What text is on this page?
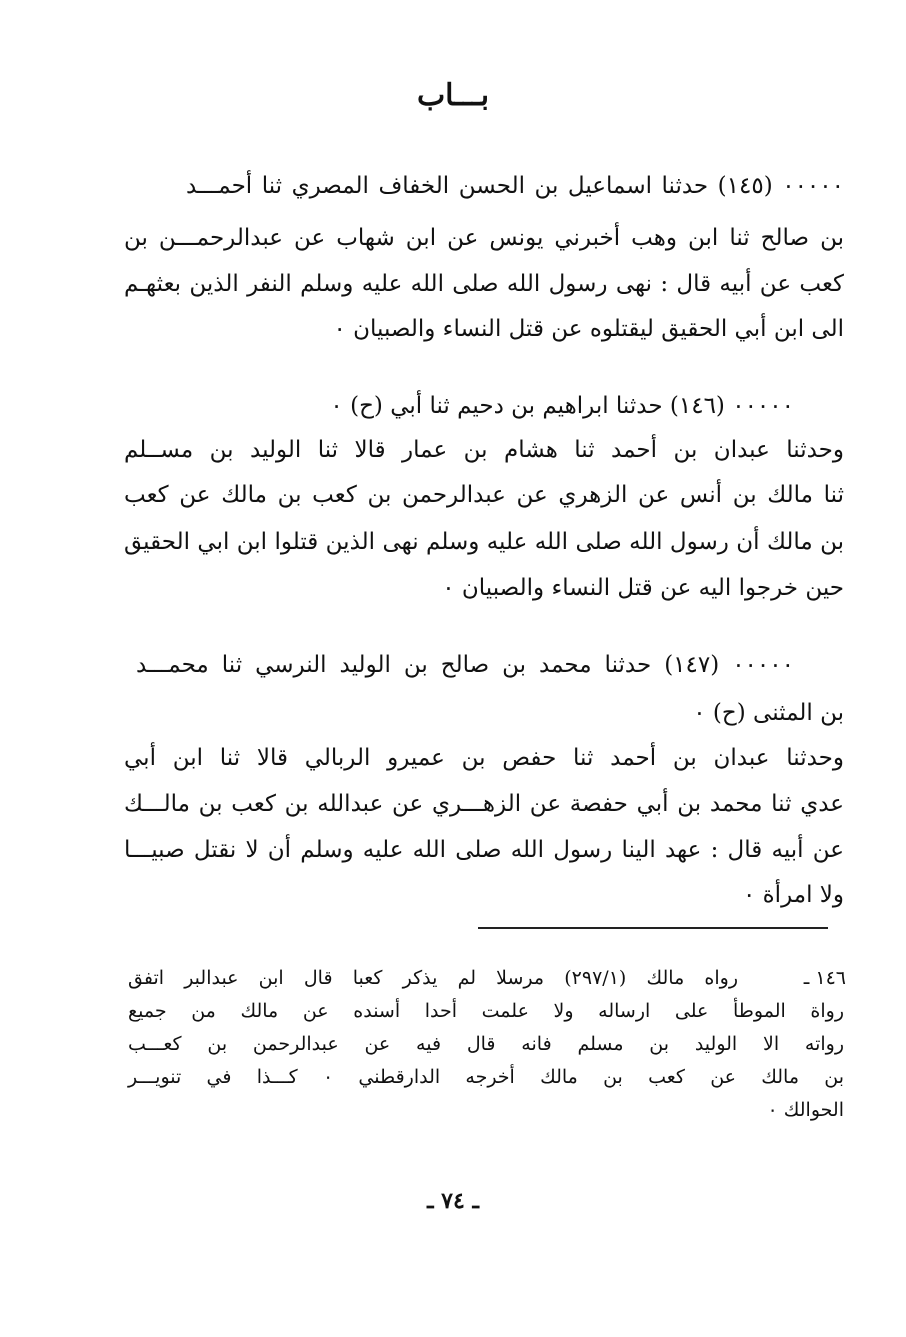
بـــاب
٠٠٠٠٠ (١٤٥) حدثنا اسماعيل بن الحسن الخفاف المصري ثنا أحمـــد
بن صالح ثنا ابن وهب أخبرني يونس عن ابن شهاب عن عبدالرحمـــن بن
كعب عن أبيه قال : نهى رسول الله صلى الله عليه وسلم النفر الذين بعثهـم
الى ابن أبي الحقيق ليقتلوه عن قتل النساء والصبيان ٠
٠٠٠٠٠ (١٤٦) حدثنا ابراهيم بن دحيم ثنا أبي (ح) ٠
وحدثنا عبدان بن أحمد ثنا هشام بن عمار قالا ثنا الوليد بن مســلم
ثنا مالك بن أنس عن الزهري عن عبدالرحمن بن كعب بن مالك عن كعب
بن مالك أن رسول الله صلى الله عليه وسلم نهى الذين قتلوا ابن ابي الحقيق
حين خرجوا اليه عن قتل النساء والصبيان ٠
٠٠٠٠٠ (١٤٧) حدثنا محمد بن صالح بن الوليد النرسي ثنا محمـــد
بن المثنى (ح) ٠
وحدثنا عبدان بن أحمد ثنا حفص بن عميرو الربالي قالا ثنا ابن أبي
عدي ثنا محمد بن أبي حفصة عن الزهـــري عن عبدالله بن كعب بن مالـــك
عن أبيه قال : عهد الينا رسول الله صلى الله عليه وسلم أن لا نقتل صبيـــا
ولا امرأة ٠
١٤٦ ـ
رواه مالك (٢٩٧/١) مرسلا لم يذكر كعبا قال ابن عبدالبر اتفق
رواة الموطأ على ارساله ولا علمت أحدا أسنده عن مالك من جميع
رواته الا الوليد بن مسلم فانه قال فيه عن عبدالرحمن بن كعـــب
بن مالك عن كعب بن مالك أخرجه الدارقطني ٠ كـــذا في تنويـــر
الحوالك ٠
ـ ٧٤ ـ
